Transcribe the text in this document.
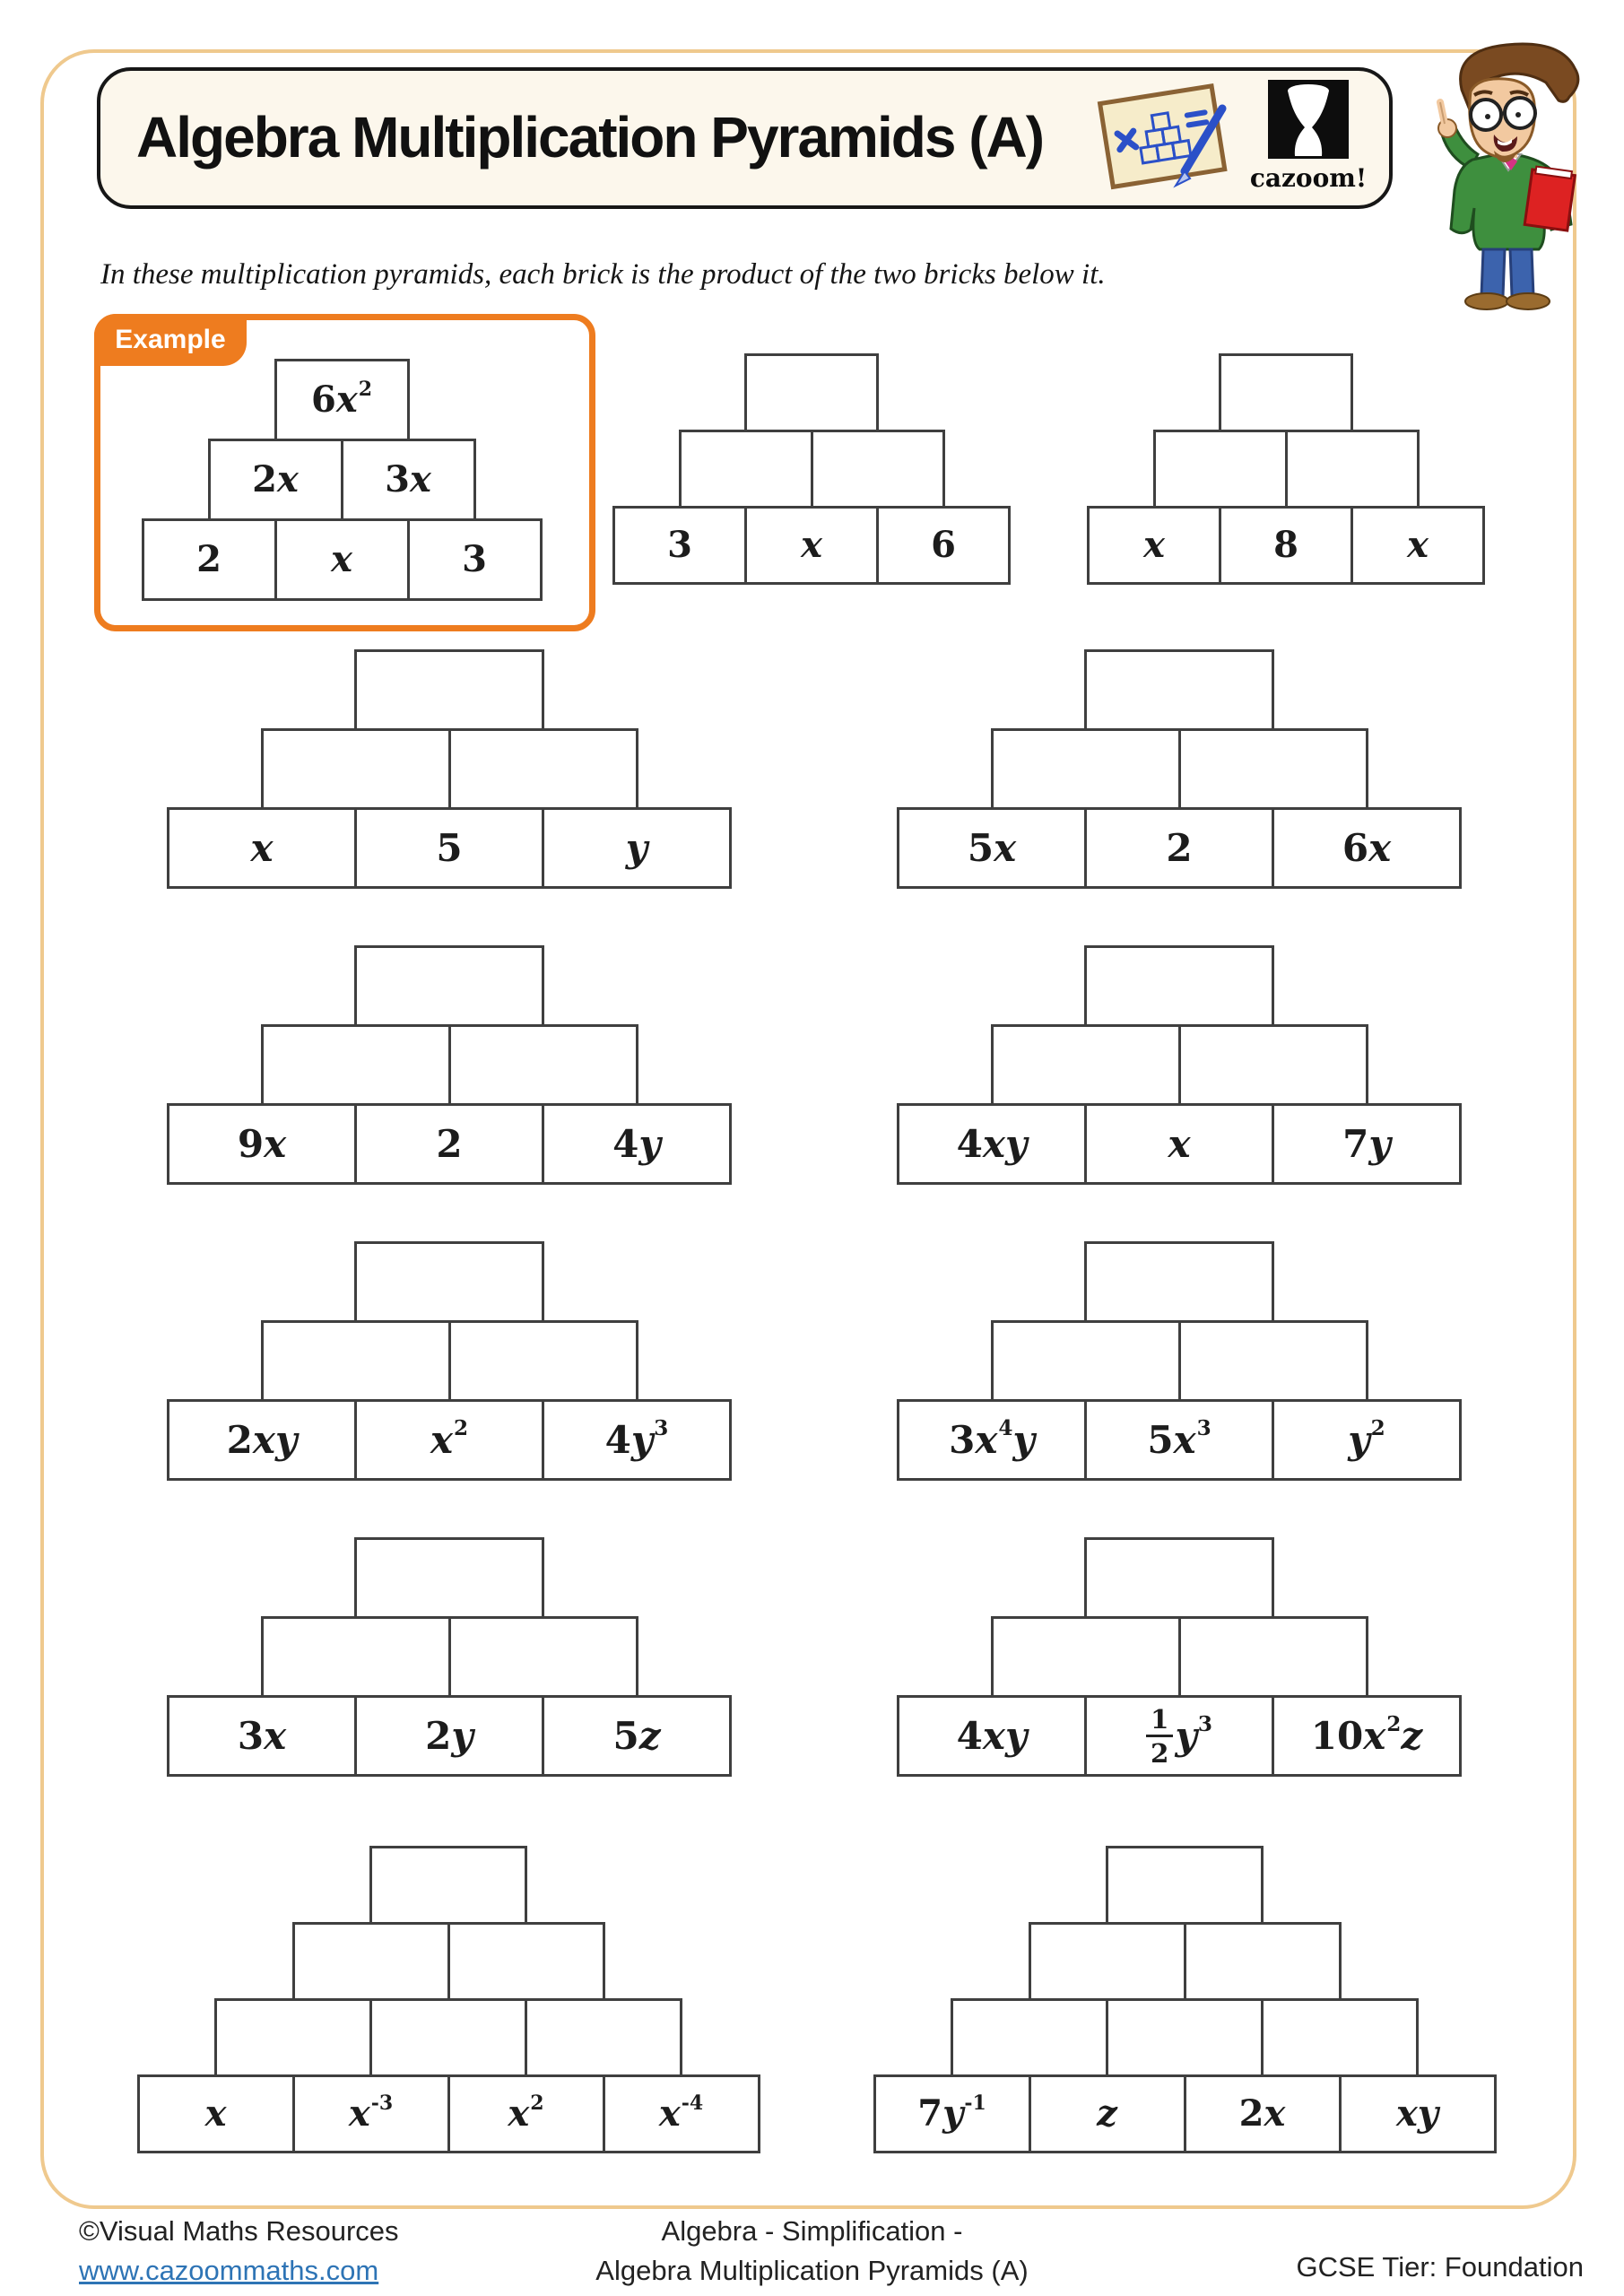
Algebra Multiplication Pyramids (A)
cazoom!
In these multiplication pyramids, each brick is the product of the two bricks below it.
Example
6 $x^2$
2 x	3 x
2	x	3	3	x	6	x	8	x
x	5	y	5 x	2	6 x
9 x	2	4 y	4 x y	x	7 y
2 x y	$x^2$	4 $y^3$	3 $x^4$ y	5 $x^3$	$y^2$
3 x	2 y	5 z	4 x y	$\frac{1}{2} y^3$	10 $x^2$ z
x	$x^{-3}$	$x^2$	$x^{-4}$	7 $y^{-1}$	z	2 x	x y
©Visual Maths Resources
www.cazoommaths.com
Algebra - Simplification -
Algebra Multiplication Pyramids (A)	GCSE Tier: Foundation
